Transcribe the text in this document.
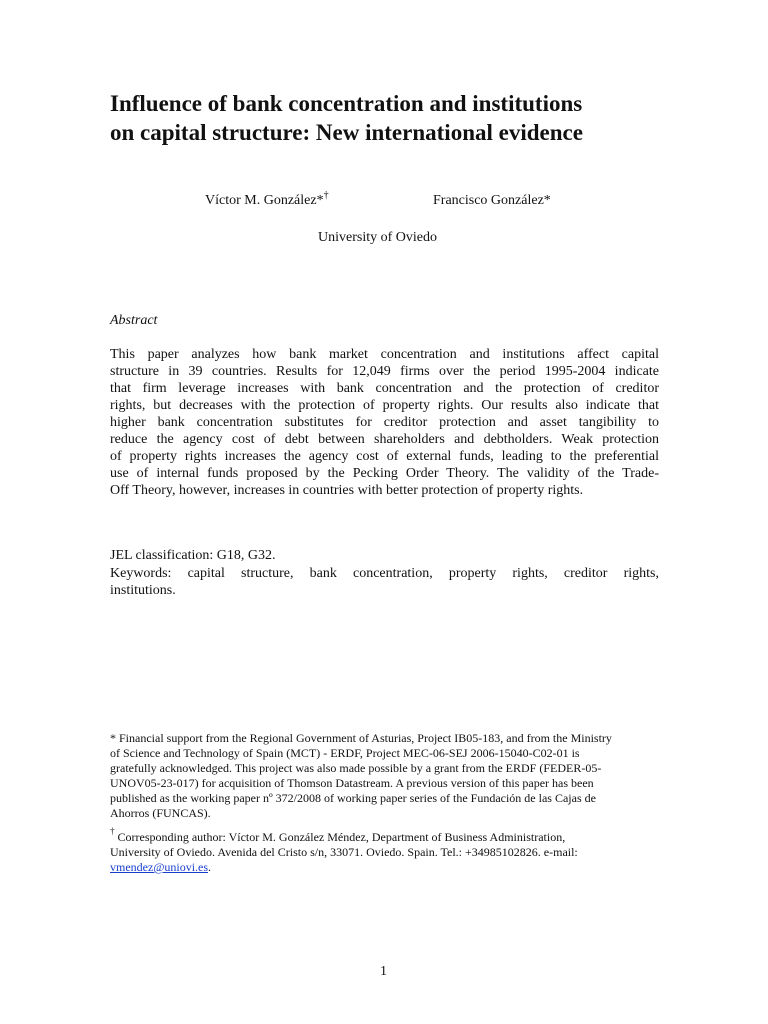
Influence of bank concentration and institutions
on capital structure: New international evidence
Víctor M. González*†	Francisco González*
University of Oviedo
Abstract
This paper analyzes how bank market concentration and institutions affect capital
structure in 39 countries. Results for 12,049 firms over the period 1995-2004 indicate
that firm leverage increases with bank concentration and the protection of creditor
rights, but decreases with the protection of property rights. Our results also indicate that
higher bank concentration substitutes for creditor protection and asset tangibility to
reduce the agency cost of debt between shareholders and debtholders. Weak protection
of property rights increases the agency cost of external funds, leading to the preferential
use of internal funds proposed by the Pecking Order Theory. The validity of the Trade-
Off Theory, however, increases in countries with better protection of property rights.
JEL classification: G18, G32.
Keywords: capital structure, bank concentration, property rights, creditor rights,
institutions.
* Financial support from the Regional Government of Asturias, Project IB05-183, and from the Ministry
of Science and Technology of Spain (MCT) - ERDF, Project MEC-06-SEJ 2006-15040-C02-01 is
gratefully acknowledged. This project was also made possible by a grant from the ERDF (FEDER-05-
UNOV05-23-017) for acquisition of Thomson Datastream. A previous version of this paper has been
published as the working paper nº 372/2008 of working paper series of the Fundación de las Cajas de
Ahorros (FUNCAS).
† Corresponding author: Víctor M. González Méndez, Department of Business Administration,
University of Oviedo. Avenida del Cristo s/n, 33071. Oviedo. Spain. Tel.: +34985102826. e-mail:
vmendez@uniovi.es.
1
